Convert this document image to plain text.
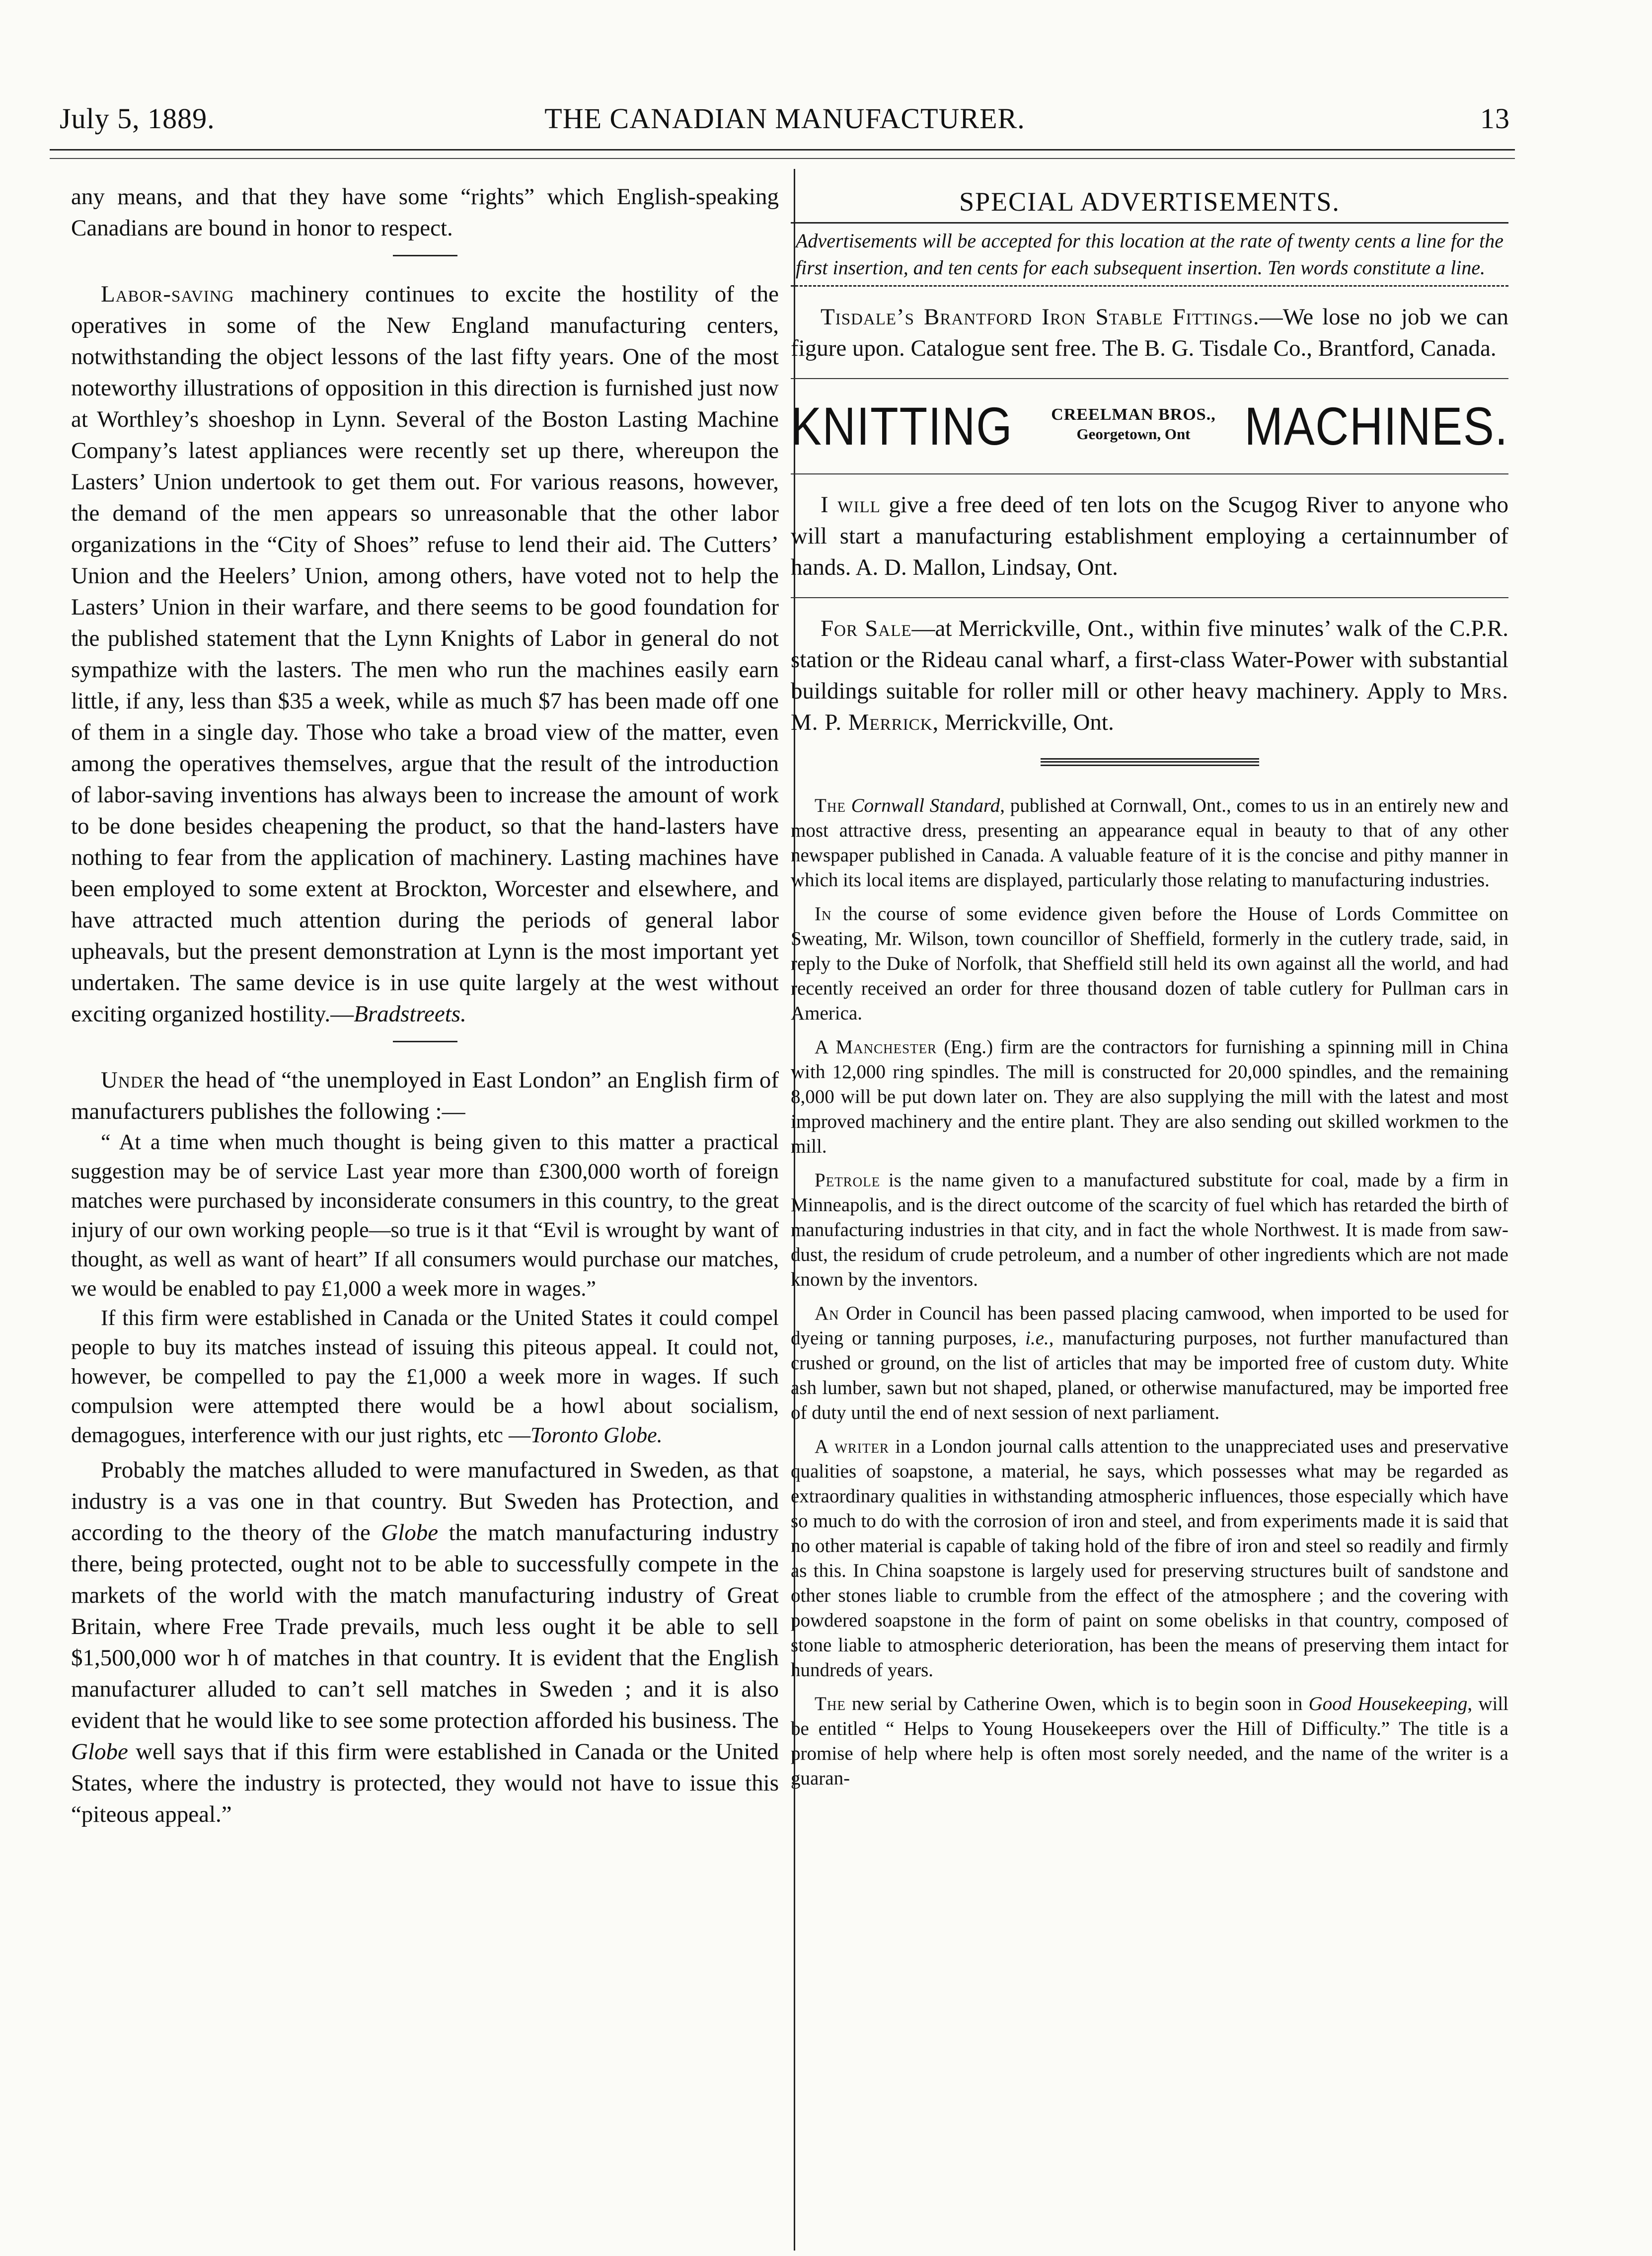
July 5, 1889.	THE CANADIAN MANUFACTURER.	13

any means, and that they have some “rights” which English-speaking Canadians are bound in honor to respect.

Labor-saving machinery continues to excite the hostility of the operatives in some of the New England manufacturing centers, notwithstanding the object lessons of the last fifty years. One of the most noteworthy illustrations of opposition in this direction is furnished just now at Worthley’s shoeshop in Lynn. Several of the Boston Lasting Machine Company’s latest appliances were recently set up there, whereupon the Lasters’ Union undertook to get them out. For various reasons, however, the demand of the men appears so unreasonable that the other labor organizations in the “City of Shoes” refuse to lend their aid. The Cutters’ Union and the Heelers’ Union, among others, have voted not to help the Lasters’ Union in their warfare, and there seems to be good foundation for the published statement that the Lynn Knights of Labor in general do not sympathize with the lasters. The men who run the machines easily earn little, if any, less than $35 a week, while as much $7 has been made off one of them in a single day. Those who take a broad view of the matter, even among the operatives themselves, argue that the result of the introduction of labor-saving inventions has always been to increase the amount of work to be done besides cheapening the product, so that the hand-lasters have nothing to fear from the application of machinery. Lasting machines have been employed to some extent at Brockton, Worcester and elsewhere, and have attracted much attention during the periods of general labor upheavals, but the present demonstration at Lynn is the most important yet undertaken. The same device is in use quite largely at the west without exciting organized hostility.—Bradstreets.

Under the head of “the unemployed in East London” an English firm of manufacturers publishes the following :—

“ At a time when much thought is being given to this matter a practical suggestion may be of service Last year more than £300,000 worth of foreign matches were purchased by inconsiderate consumers in this country, to the great injury of our own working people—so true is it that “Evil is wrought by want of thought, as well as want of heart” If all consumers would purchase our matches, we would be enabled to pay £1,000 a week more in wages.”

If this firm were established in Canada or the United States it could compel people to buy its matches instead of issuing this piteous appeal. It could not, however, be compelled to pay the £1,000 a week more in wages. If such compulsion were attempted there would be a howl about socialism, demagogues, interference with our just rights, etc —Toronto Globe.

Probably the matches alluded to were manufactured in Sweden, as that industry is a vas one in that country. But Sweden has Protection, and according to the theory of the Globe the match manufacturing industry there, being protected, ought not to be able to successfully compete in the markets of the world with the match manufacturing industry of Great Britain, where Free Trade prevails, much less ought it be able to sell $1,500,000 wor h of matches in that country. It is evident that the English manufacturer alluded to can’t sell matches in Sweden ; and it is also evident that he would like to see some protection afforded his business. The Globe well says that if this firm were established in Canada or the United States, where the industry is protected, they would not have to issue this “piteous appeal.”

SPECIAL ADVERTISEMENTS.

Advertisements will be accepted for this location at the rate of twenty cents a line for the first insertion, and ten cents for each subsequent insertion. Ten words constitute a line.

Tisdale’s Brantford Iron Stable Fittings.—We lose no job we can figure upon. Catalogue sent free. The B. G. Tisdale Co., Brantford, Canada.

KNITTING	CREELMAN BROS.,
Georgetown, Ont	MACHINES.

I will give a free deed of ten lots on the Scugog River to anyone who will start a manufacturing establishment employing a certainnumber of hands. A. D. Mallon, Lindsay, Ont.

For Sale—at Merrickville, Ont., within five minutes’ walk of the C.P.R. station or the Rideau canal wharf, a first-class Water-Power with substantial buildings suitable for roller mill or other heavy machinery. Apply to Mrs. M. P. Merrick, Merrickville, Ont.

The Cornwall Standard, published at Cornwall, Ont., comes to us in an entirely new and most attractive dress, presenting an appearance equal in beauty to that of any other newspaper published in Canada. A valuable feature of it is the concise and pithy manner in which its local items are displayed, particularly those relating to manufacturing industries.

In the course of some evidence given before the House of Lords Committee on Sweating, Mr. Wilson, town councillor of Sheffield, formerly in the cutlery trade, said, in reply to the Duke of Norfolk, that Sheffield still held its own against all the world, and had recently received an order for three thousand dozen of table cutlery for Pullman cars in America.

A Manchester (Eng.) firm are the contractors for furnishing a spinning mill in China with 12,000 ring spindles. The mill is constructed for 20,000 spindles, and the remaining 8,000 will be put down later on. They are also supplying the mill with the latest and most improved machinery and the entire plant. They are also sending out skilled workmen to the mill.

Petrole is the name given to a manufactured substitute for coal, made by a firm in Minneapolis, and is the direct outcome of the scarcity of fuel which has retarded the birth of manufacturing industries in that city, and in fact the whole Northwest. It is made from saw-dust, the residum of crude petroleum, and a number of other ingredients which are not made known by the inventors.

An Order in Council has been passed placing camwood, when imported to be used for dyeing or tanning purposes, i.e., manufacturing purposes, not further manufactured than crushed or ground, on the list of articles that may be imported free of custom duty. White ash lumber, sawn but not shaped, planed, or otherwise manufactured, may be imported free of duty until the end of next session of next parliament.

A writer in a London journal calls attention to the unappreciated uses and preservative qualities of soapstone, a material, he says, which possesses what may be regarded as extraordinary qualities in withstanding atmospheric influences, those especially which have so much to do with the corrosion of iron and steel, and from experiments made it is said that no other material is capable of taking hold of the fibre of iron and steel so readily and firmly as this. In China soapstone is largely used for preserving structures built of sandstone and other stones liable to crumble from the effect of the atmosphere ; and the covering with powdered soapstone in the form of paint on some obelisks in that country, composed of stone liable to atmospheric deterioration, has been the means of preserving them intact for hundreds of years.

The new serial by Catherine Owen, which is to begin soon in Good Housekeeping, will be entitled “ Helps to Young Housekeepers over the Hill of Difficulty.” The title is a promise of help where help is often most sorely needed, and the name of the writer is a guaran-
